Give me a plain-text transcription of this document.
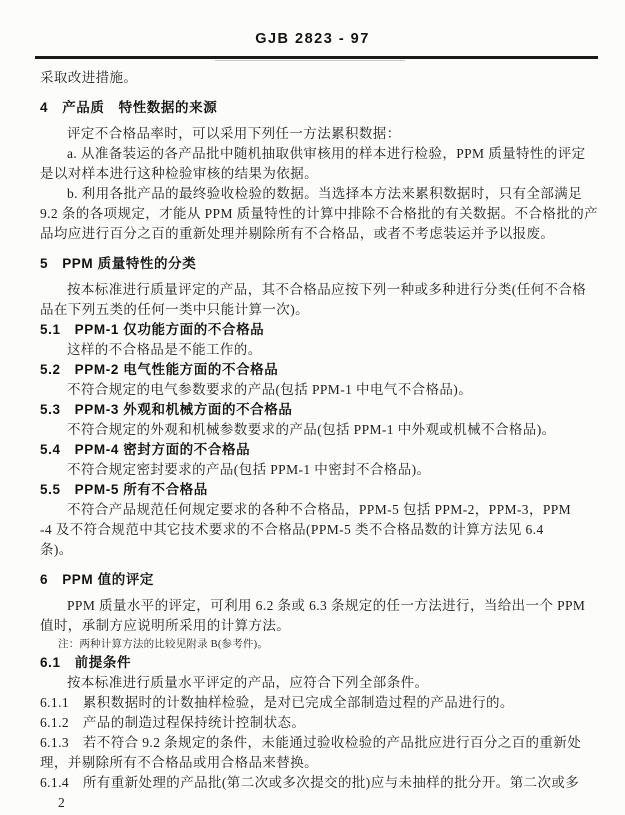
GJB 2823 - 97
采取改进措施。
4　产品质　特性数据的来源
评定不合格品率时，可以采用下列任一方法累积数据：
a. 从准备装运的各产品批中随机抽取供审核用的样本进行检验，PPM 质量特性的评定
是以对样本进行这种检验审核的结果为依据。
b. 利用各批产品的最终验收检验的数据。当选择本方法来累积数据时，只有全部满足
9.2 条的各项规定，才能从 PPM 质量特性的计算中排除不合格批的有关数据。不合格批的产
品均应进行百分之百的重新处理并剔除所有不合格品，或者不考虑装运并予以报废。
5　PPM 质量特性的分类
按本标准进行质量评定的产品，其不合格品应按下列一种或多种进行分类(任何不合格
品在下列五类的任何一类中只能计算一次)。
5.1　PPM-1 仅功能方面的不合格品
这样的不合格品是不能工作的。
5.2　PPM-2 电气性能方面的不合格品
不符合规定的电气参数要求的产品(包括 PPM-1 中电气不合格品)。
5.3　PPM-3 外观和机械方面的不合格品
不符合规定的外观和机械参数要求的产品(包括 PPM-1 中外观或机械不合格品)。
5.4　PPM-4 密封方面的不合格品
不符合规定密封要求的产品(包括 PPM-1 中密封不合格品)。
5.5　PPM-5 所有不合格品
不符合产品规范任何规定要求的各种不合格品，PPM-5 包括 PPM-2，PPM-3，PPM
-4 及不符合规范中其它技术要求的不合格品(PPM-5 类不合格品数的计算方法见 6.4
条)。
6　PPM 值的评定
PPM 质量水平的评定，可利用 6.2 条或 6.3 条规定的任一方法进行，当给出一个 PPM
值时，承制方应说明所采用的计算方法。
注：两种计算方法的比较见附录 B(参考件)。
6.1　前提条件
按本标准进行质量水平评定的产品，应符合下列全部条件。
6.1.1　累积数据时的计数抽样检验，是对已完成全部制造过程的产品进行的。
6.1.2　产品的制造过程保持统计控制状态。
6.1.3　若不符合 9.2 条规定的条件，未能通过验收检验的产品批应进行百分之百的重新处
理，并剔除所有不合格品或用合格品来替换。
6.1.4　所有重新处理的产品批(第二次或多次提交的批)应与未抽样的批分开。第二次或多
2
